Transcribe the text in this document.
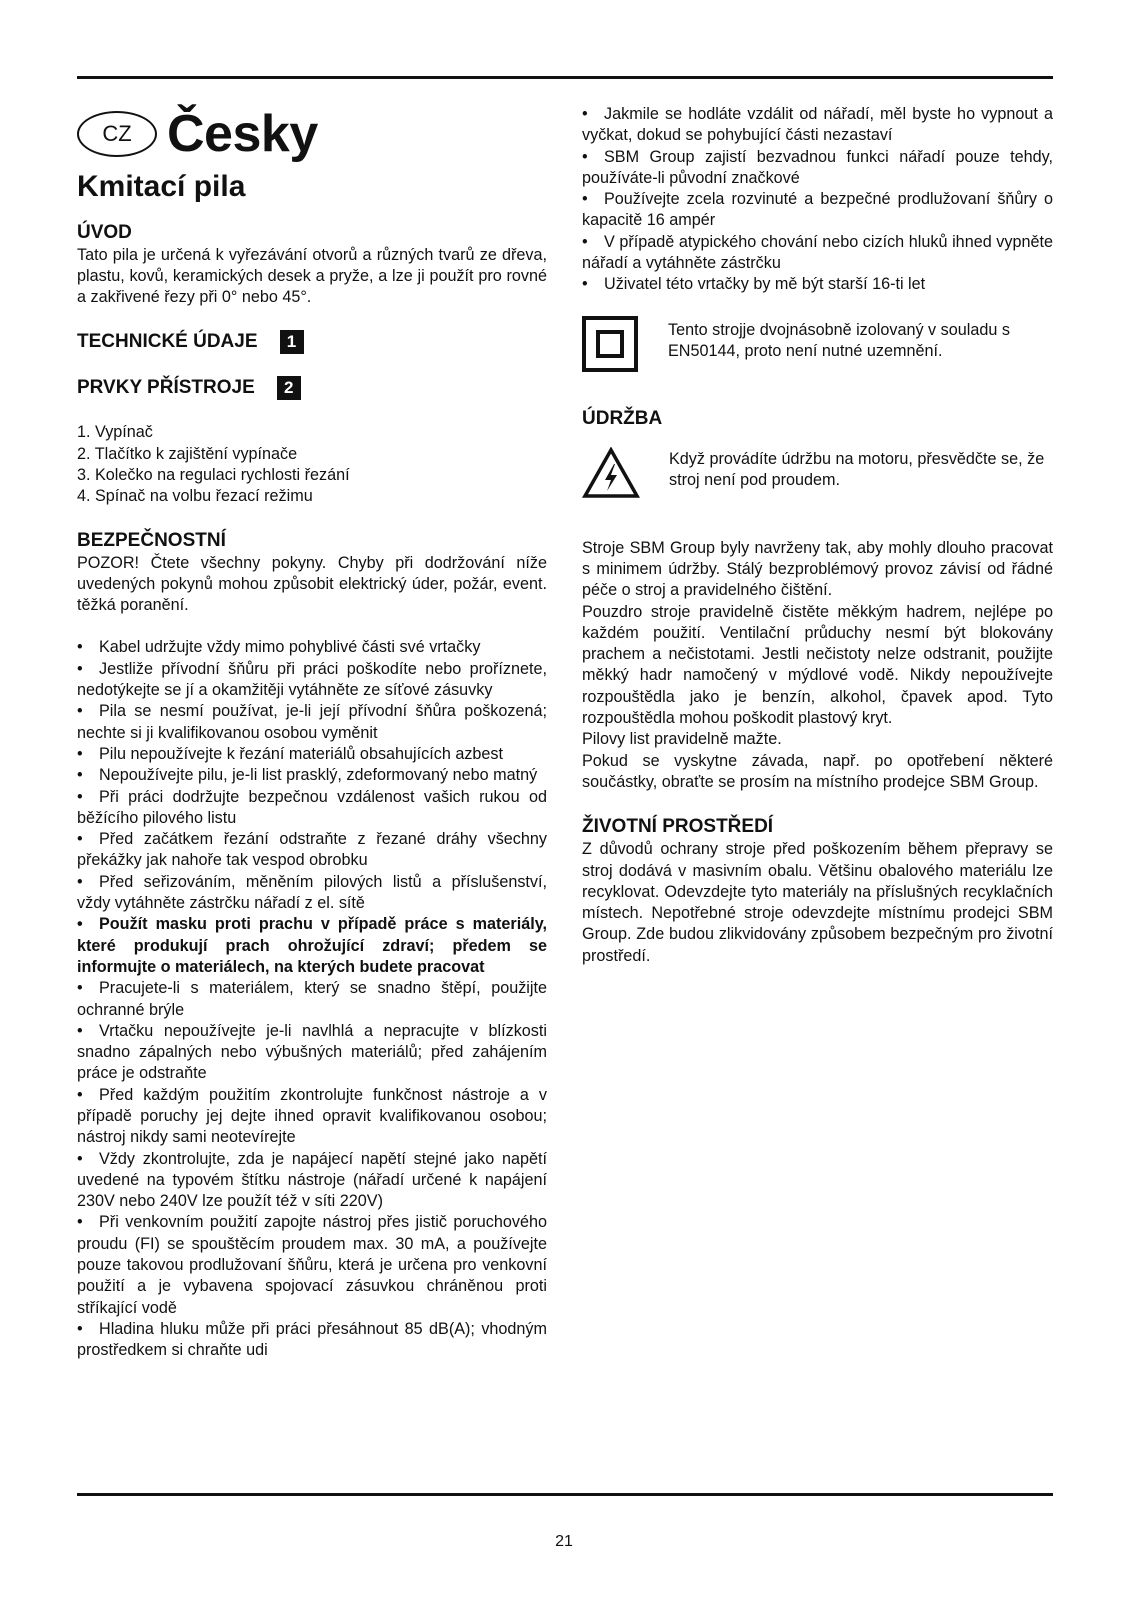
CZ Česky
Kmitací pila
ÚVOD

Tato pila je určená k vyřezávání otvorů a různých tvarů ze dřeva, plastu, kovů, keramických desek a pryže, a lze ji použít pro rovné a zakřivené řezy při 0° nebo 45°.

TECHNICKÉ ÚDAJE	1
PRVKY PŘÍSTROJE	2
1. Vypínač
2. Tlačítko k zajištění vypínače
3. Kolečko na regulaci rychlosti řezání
4. Spínač na volbu řezací režimu
BEZPEČNOSTNÍ

POZOR! Čtete všechny pokyny. Chyby při dodržování níže uvedených pokynů mohou způsobit elektrický úder, požár, event. těžká poranění.

• Kabel udržujte vždy mimo pohyblivé části své vrtačky
• Jestliže přívodní šňůru při práci poškodíte nebo proříznete, nedotýkejte se jí a okamžitěji vytáhněte ze síťové zásuvky
• Pila se nesmí používat, je-li její přívodní šňůra poškozená; nechte si ji kvalifikovanou osobou vyměnit
• Pilu nepoužívejte k řezání materiálů obsahujících azbest
• Nepoužívejte pilu, je-li list prasklý, zdeformovaný nebo matný
• Při práci dodržujte bezpečnou vzdálenost vašich rukou od běžícího pilového listu
• Před začátkem řezání odstraňte z řezané dráhy všechny překážky jak nahoře tak vespod obrobku
• Před seřizováním, měněním pilových listů a příslušenství, vždy vytáhněte zástrčku nářadí z el. sítě
• Použít masku proti prachu v případě práce s materiály, které produkují prach ohrožující zdraví; předem se informujte o materiálech, na kterých budete pracovat
• Pracujete-li s materiálem, který se snadno štěpí, použijte ochranné brýle
• Vrtačku nepoužívejte je-li navlhlá a nepracujte v blízkosti snadno zápalných nebo výbušných materiálů; před zahájením práce je odstraňte
• Před každým použitím zkontrolujte funkčnost nástroje a v případě poruchy jej dejte ihned opravit kvalifikovanou osobou; nástroj nikdy sami neotevírejte
• Vždy zkontrolujte, zda je napájecí napětí stejné jako napětí uvedené na typovém štítku nástroje (nářadí určené k napájení 230V nebo 240V lze použít též v síti 220V)
• Při venkovním použití zapojte nástroj přes jistič poruchového proudu (FI) se spouštěcím proudem max. 30 mA, a používejte pouze takovou prodlužovaní šňůru, která je určena pro venkovní použití a je vybavena spojovací zásuvkou chráněnou proti stříkající vodě
• Hladina hluku může při práci přesáhnout 85 dB(A); vhodným prostředkem si chraňte udi
• Jakmile se hodláte vzdálit od nářadí, měl byste ho vypnout a vyčkat, dokud se pohybující části nezastaví
• SBM Group zajistí bezvadnou funkci nářadí pouze tehdy, používáte-li původní značkové
• Používejte zcela rozvinuté a bezpečné prodlužovaní šňůry o kapacitě 16 ampér
• V případě atypického chování nebo cizích hluků ihned vypněte nářadí a vytáhněte zástrčku
• Uživatel této vrtačky by mě být starší 16-ti let
Tento strojje dvojnásobně izolovaný v souladu s EN50144, proto není nutné uzemnění.
ÚDRŽBA
Když provádíte údržbu na motoru, přesvědčte se, že stroj není pod proudem.

Stroje SBM Group byly navrženy tak, aby mohly dlouho pracovat s minimem údržby. Stálý bezproblémový provoz závisí od řádné péče o stroj a pravidelného čištění.

Pouzdro stroje pravidelně čistěte měkkým hadrem, nejlépe po každém použití. Ventilační průduchy nesmí být blokovány prachem a nečistotami. Jestli nečistoty nelze odstranit, použijte měkký hadr namočený v mýdlové vodě. Nikdy nepoužívejte rozpouštědla jako je benzín, alkohol, čpavek apod. Tyto rozpouštědla mohou poškodit plastový kryt.

Pilovy list pravidelně mažte.

Pokud se vyskytne závada, např. po opotřebení některé součástky, obraťte se prosím na místního prodejce SBM Group.

ŽIVOTNÍ PROSTŘEDÍ

Z důvodů ochrany stroje před poškozením během přepravy se stroj dodává v masivním obalu. Většinu obalového materiálu lze recyklovat. Odevzdejte tyto materiály na příslušných recyklačních místech. Nepotřebné stroje odevzdejte místnímu prodejci SBM Group. Zde budou zlikvidovány způsobem bezpečným pro životní prostředí.

21
